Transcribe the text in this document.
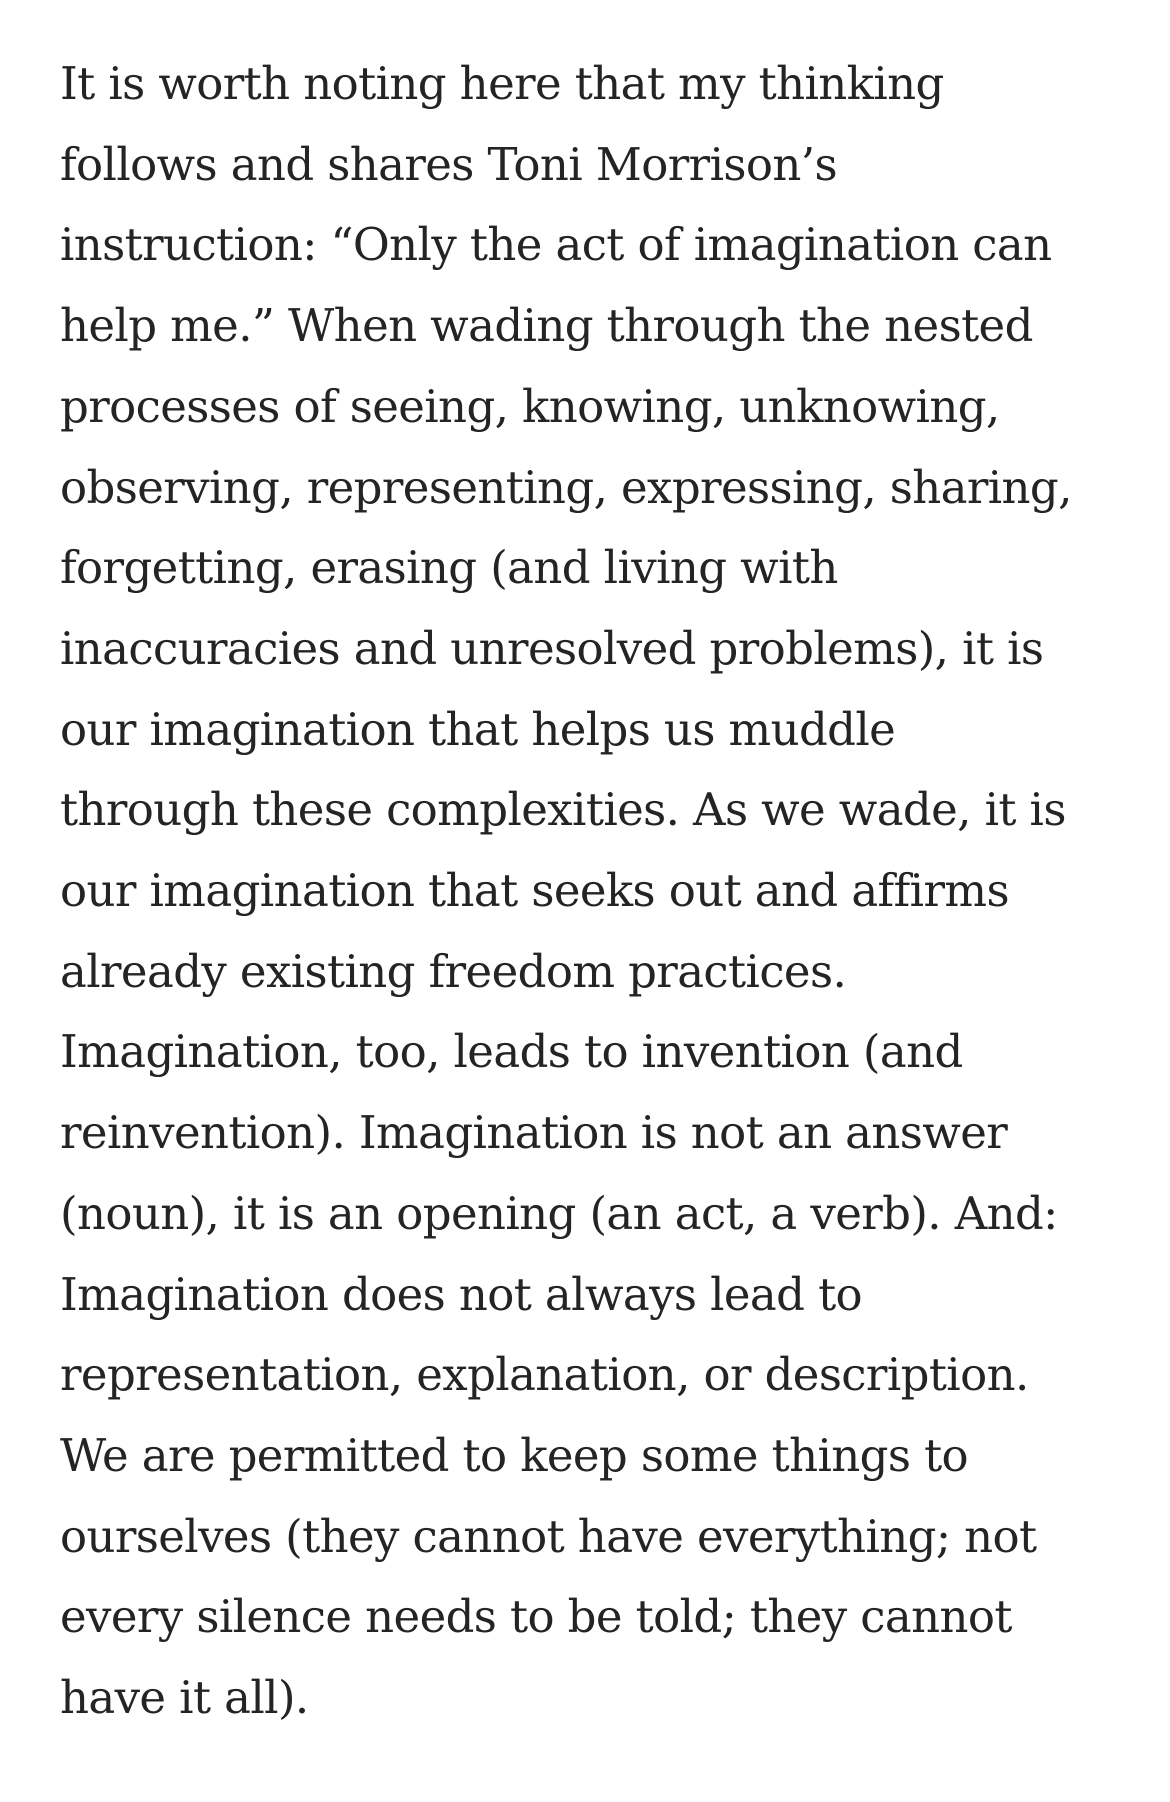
It is worth noting here that my thinking
follows and shares Toni Morrison’s
instruction: “Only the act of imagination can
help me.” When wading through the nested
processes of seeing, knowing, unknowing,
observing, representing, expressing, sharing,
forgetting, erasing (and living with
inaccuracies and unresolved problems), it is
our imagination that helps us muddle
through these complexities. As we wade, it is
our imagination that seeks out and affirms
already existing freedom practices.
Imagination, too, leads to invention (and
reinvention). Imagination is not an answer
(noun), it is an opening (an act, a verb). And:
Imagination does not always lead to
representation, explanation, or description.
We are permitted to keep some things to
ourselves (they cannot have everything; not
every silence needs to be told; they cannot
have it all).
